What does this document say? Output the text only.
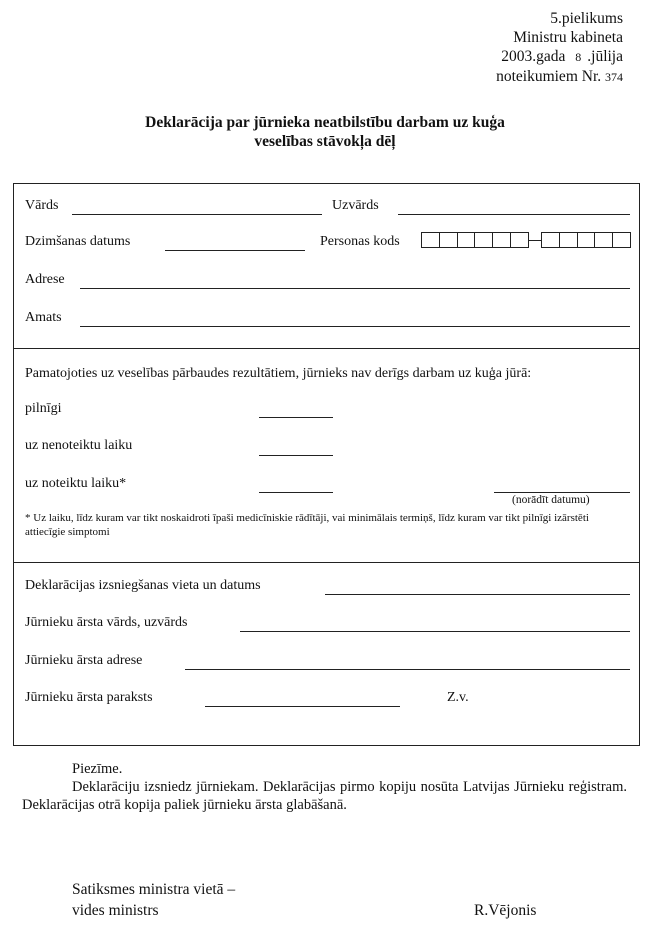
5.pielikums
Ministru kabineta
2003.gada 8 .jūlija
noteikumiem Nr. 374
Deklarācija par jūrnieka neatbilstību darbam uz kuģa
veselības stāvokļa dēļ
Vārds	Uzvārds
Dzimšanas datums	Personas kods
Adrese
Amats
Pamatojoties uz veselības pārbaudes rezultātiem, jūrnieks nav derīgs darbam uz kuģa jūrā:
pilnīgi
uz nenoteiktu laiku
uz noteiktu laiku*
(norādīt datumu)
* Uz laiku, līdz kuram var tikt noskaidroti īpaši medicīniskie rādītāji, vai minimālais termiņš, līdz kuram var tikt pilnīgi izārstēti attiecīgie simptomi
Deklarācijas izsniegšanas vieta un datums
Jūrnieku ārsta vārds, uzvārds
Jūrnieku ārsta adrese
Jūrnieku ārsta paraksts	Z.v.
Piezīme.
Deklarāciju izsniedz jūrniekam. Deklarācijas pirmo kopiju nosūta Latvijas Jūrnieku reģistram. Deklarācijas otrā kopija paliek jūrnieku ārsta glabāšanā.
Satiksmes ministra vietā –
vides ministrs	R.Vējonis
